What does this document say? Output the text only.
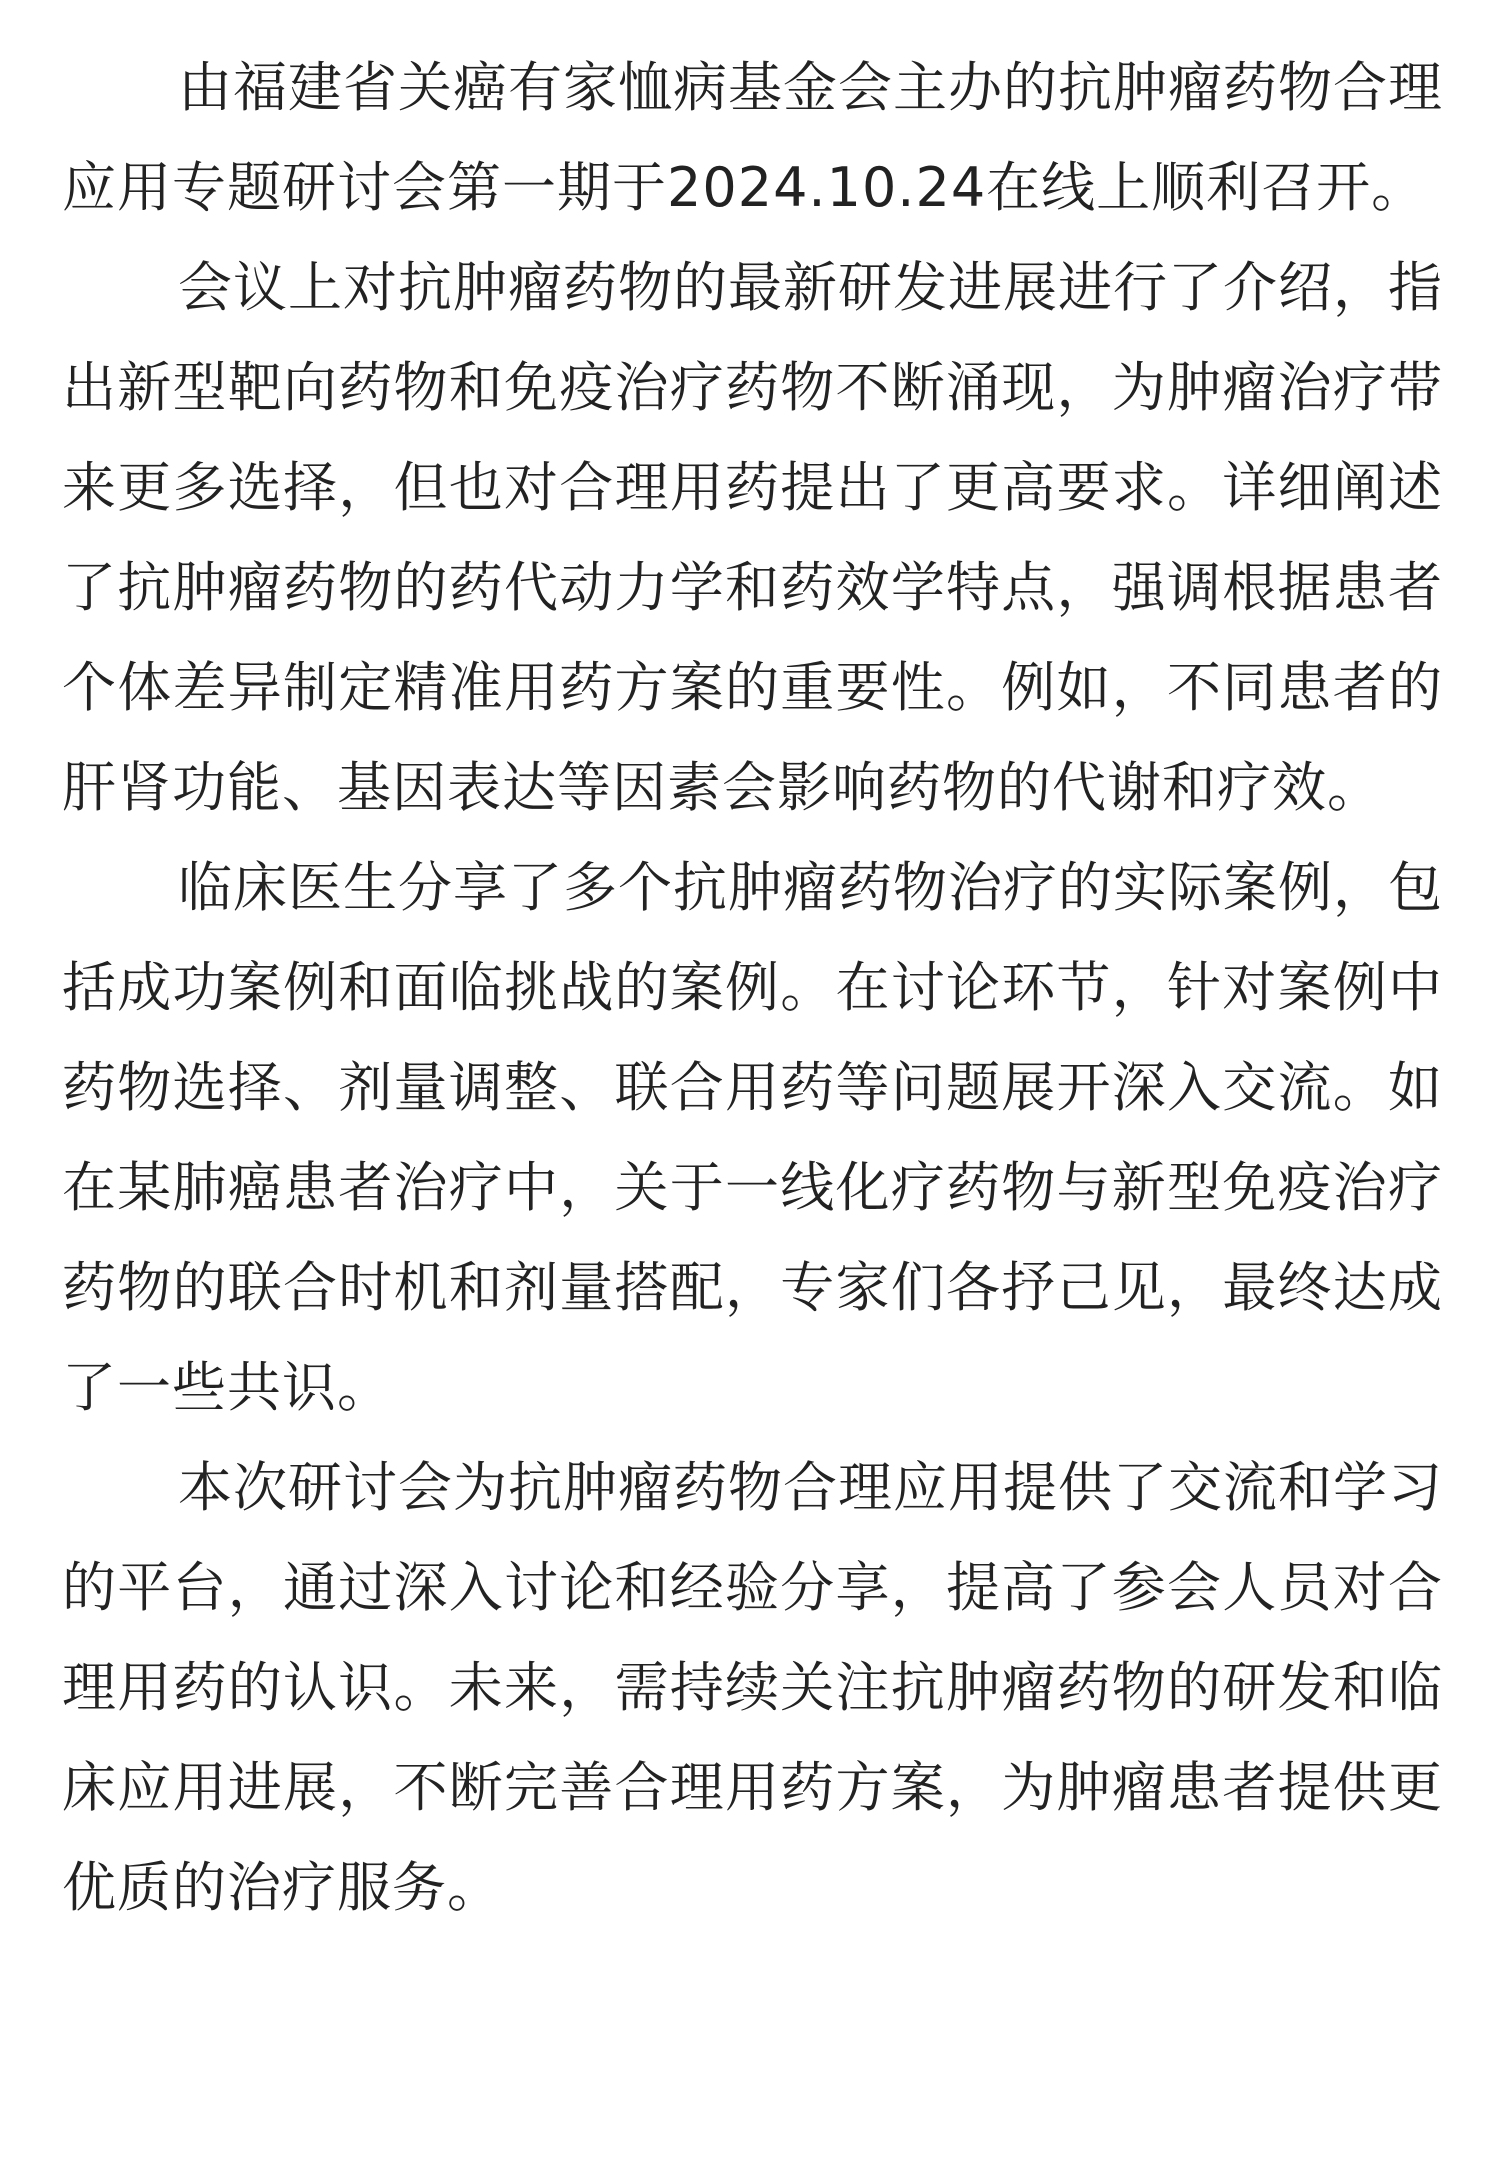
由福建省关癌有家恤病基金会主办的抗肿瘤药物合理应用专题研讨会第一期于2024.10.24在线上顺利召开。

会议上对抗肿瘤药物的最新研发进展进行了介绍，指出新型靶向药物和免疫治疗药物不断涌现，为肿瘤治疗带来更多选择，但也对合理用药提出了更高要求。详细阐述了抗肿瘤药物的药代动力学和药效学特点，强调根据患者个体差异制定精准用药方案的重要性。例如，不同患者的肝肾功能、基因表达等因素会影响药物的代谢和疗效。

临床医生分享了多个抗肿瘤药物治疗的实际案例，包括成功案例和面临挑战的案例。在讨论环节，针对案例中药物选择、剂量调整、联合用药等问题展开深入交流。如在某肺癌患者治疗中，关于一线化疗药物与新型免疫治疗药物的联合时机和剂量搭配，专家们各抒己见，最终达成了一些共识。

本次研讨会为抗肿瘤药物合理应用提供了交流和学习的平台，通过深入讨论和经验分享，提高了参会人员对合理用药的认识。未来，需持续关注抗肿瘤药物的研发和临床应用进展，不断完善合理用药方案，为肿瘤患者提供更优质的治疗服务。
